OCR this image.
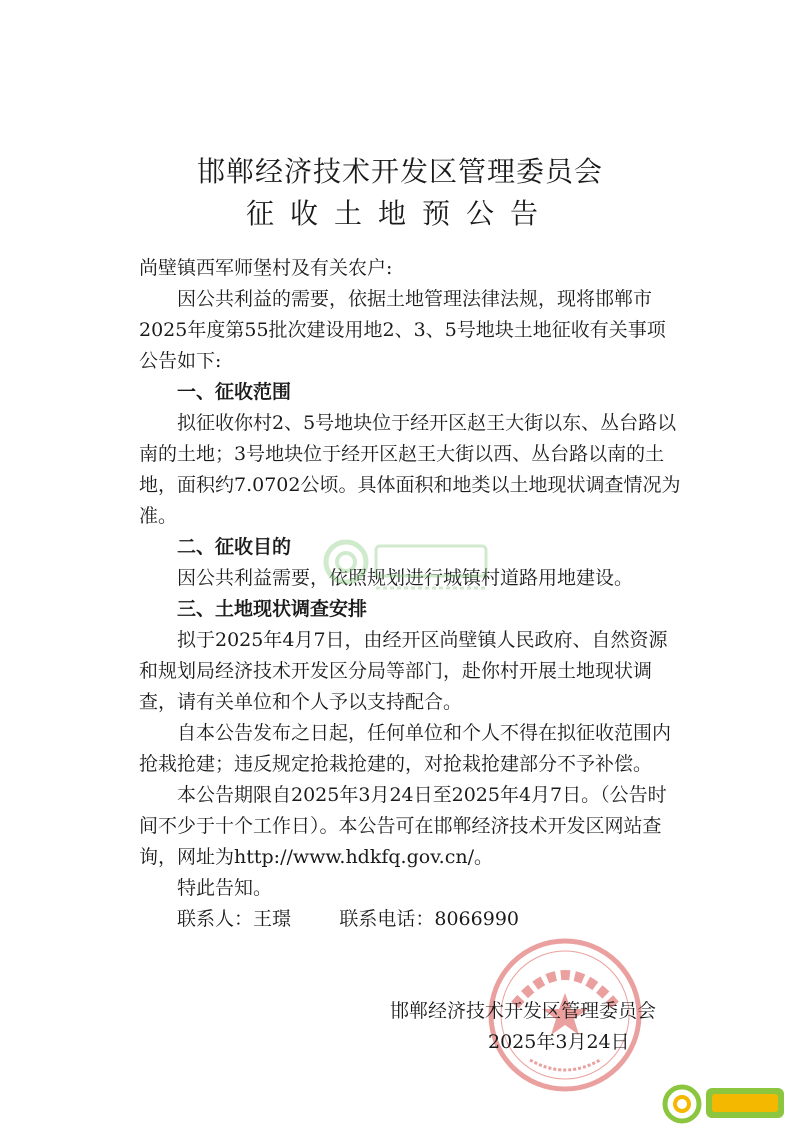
邯郸经济技术开发区管理委员会
征收土地预公告

尚壁镇西军师堡村及有关农户:

因公共利益的需要，依据土地管理法律法规，现将邯郸市2025年度第55批次建设用地2、3、5号地块土地征收有关事项公告如下:

一、征收范围

拟征收你村2、5号地块位于经开区赵王大街以东、丛台路以南的土地；3号地块位于经开区赵王大街以西、丛台路以南的土地，面积约7.0702公顷。具体面积和地类以土地现状调查情况为准。

二、征收目的

因公共利益需要，依照规划进行城镇村道路用地建设。

三、土地现状调查安排

拟于2025年4月7日，由经开区尚壁镇人民政府、自然资源和规划局经济技术开发区分局等部门，赴你村开展土地现状调查，请有关单位和个人予以支持配合。

自本公告发布之日起，任何单位和个人不得在拟征收范围内抢栽抢建；违反规定抢栽抢建的，对抢栽抢建部分不予补偿。

本公告期限自2025年3月24日至2025年4月7日。（公告时间不少于十个工作日）。本公告可在邯郸经济技术开发区网站查询，网址为http://www.hdkfq.gov.cn/。

特此告知。

联系人：王璟	联系电话：8066990

邯郸经济技术开发区管理委员会
2025年3月24日
